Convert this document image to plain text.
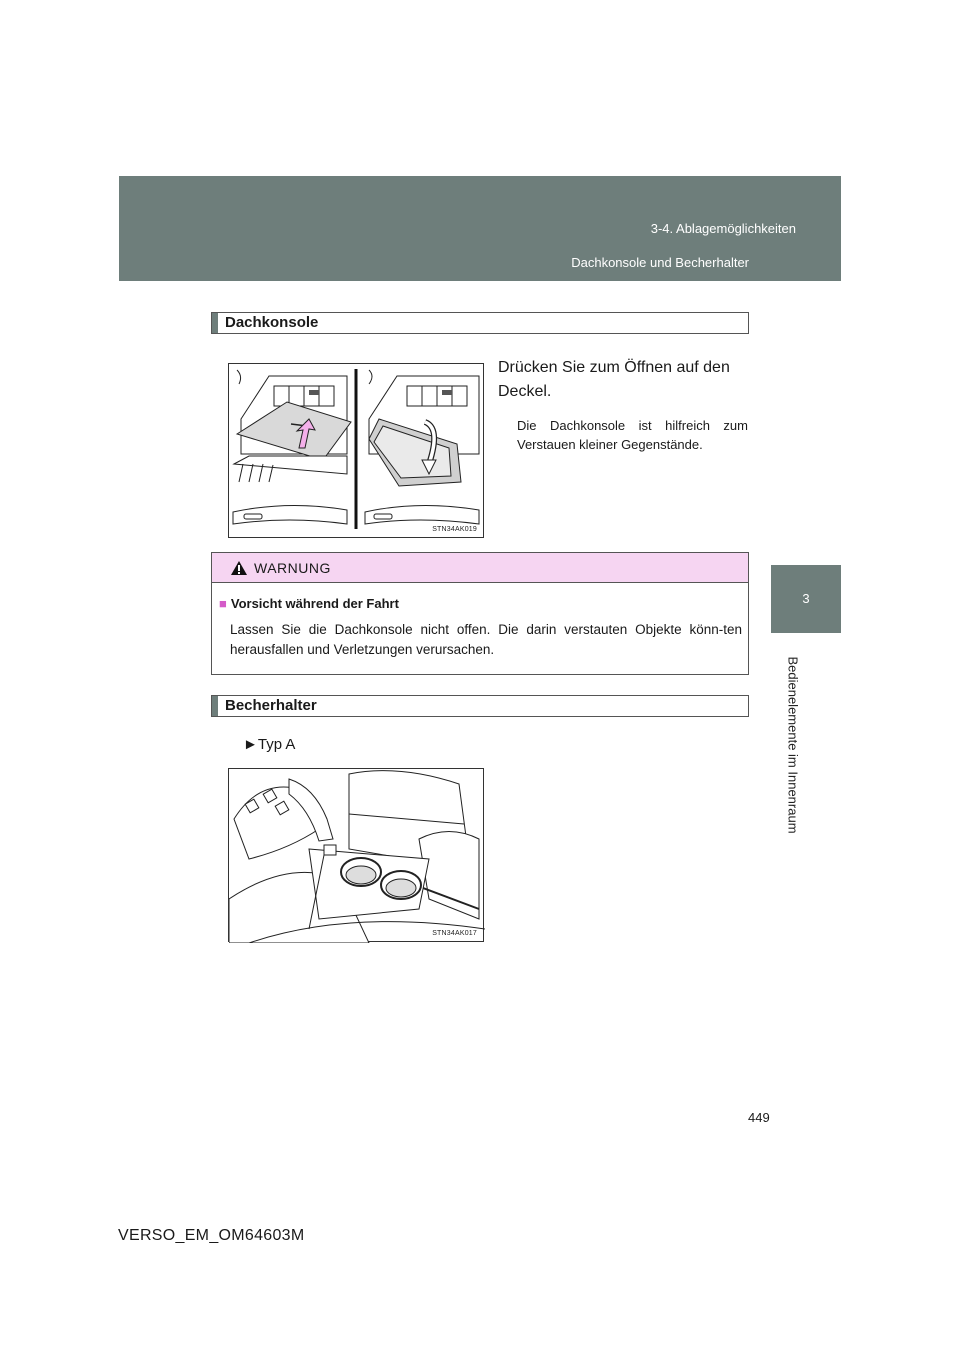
3-4. Ablagemöglichkeiten
Dachkonsole und Becherhalter
3
Bedienelemente im Innenraum
Dachkonsole
STN34AK019
Drücken Sie zum Öffnen auf den Deckel.
Die Dachkonsole ist hilfreich zum Verstauen kleiner Gegenstände.
WARNUNG
■ Vorsicht während der Fahrt
Lassen Sie die Dachkonsole nicht offen. Die darin verstauten Objekte könn-ten herausfallen und Verletzungen verursachen.
Becherhalter
►Typ A
STN34AK017
449
VERSO_EM_OM64603M
